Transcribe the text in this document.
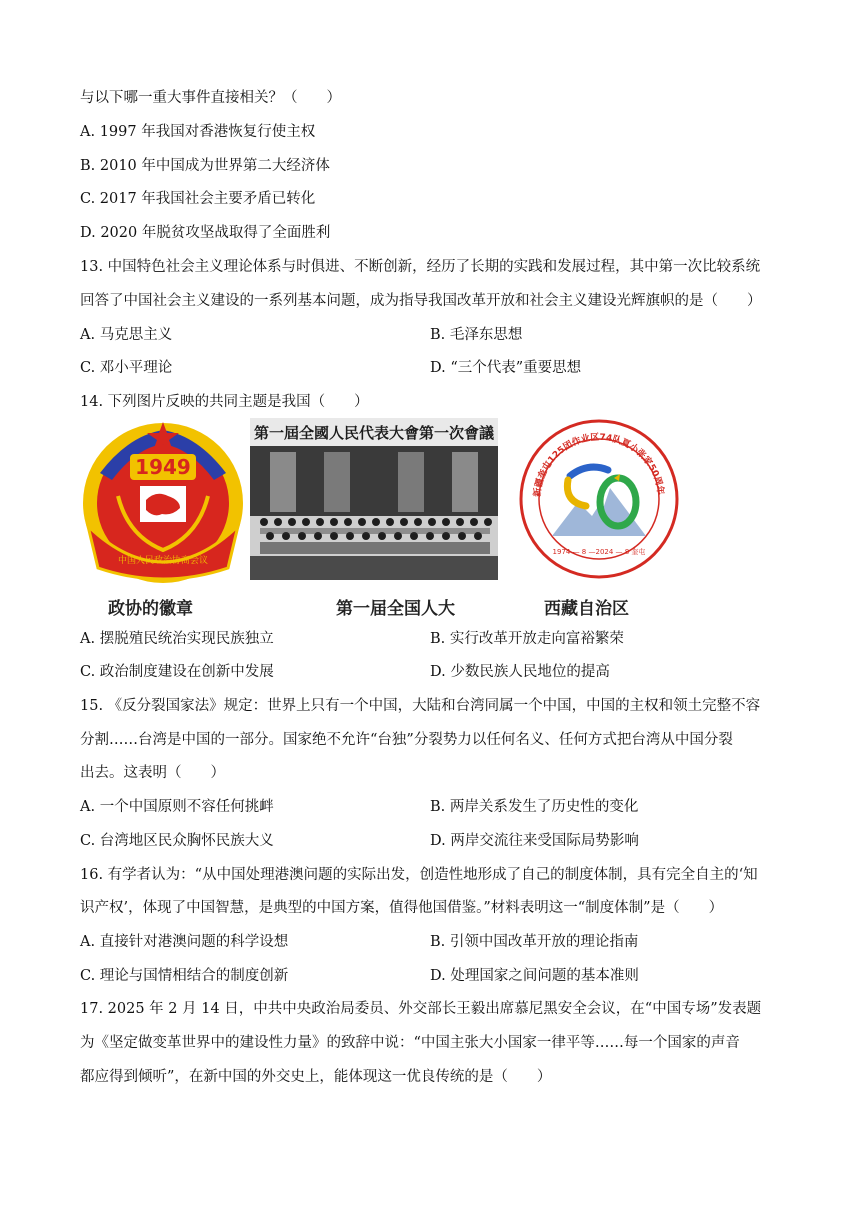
与以下哪一重大事件直接相关？（　　）
A. 1997 年我国对香港恢复行使主权
B. 2010 年中国成为世界第二大经济体
C. 2017 年我国社会主要矛盾已转化
D. 2020 年脱贫攻坚战取得了全面胜利
13. 中国特色社会主义理论体系与时俱进、不断创新，经历了长期的实践和发展过程，其中第一次比较系统
回答了中国社会主义建设的一系列基本问题，成为指导我国改革开放和社会主义建设光辉旗帜的是（　　）
A. 马克思主义	B. 毛泽东思想
C. 邓小平理论	D. “三个代表”重要思想
14. 下列图片反映的共同主题是我国（　　）
1949
中国人民政治协商会议
第一屆全國人民代表大會第一次會議
新疆奎屯125团作业区74队夏小张家50周年
1974 — 8 —2024 — 8 奎屯
政协的徽章	第一届全国人大	西藏自治区
A. 摆脱殖民统治实现民族独立	B. 实行改革开放走向富裕繁荣
C. 政治制度建设在创新中发展	D. 少数民族人民地位的提高
15. 《反分裂国家法》规定：世界上只有一个中国，大陆和台湾同属一个中国，中国的主权和领土完整不容
分割……台湾是中国的一部分。国家绝不允许“台独”分裂势力以任何名义、任何方式把台湾从中国分裂
出去。这表明（　　）
A. 一个中国原则不容任何挑衅	B. 两岸关系发生了历史性的变化
C. 台湾地区民众胸怀民族大义	D. 两岸交流往来受国际局势影响
16. 有学者认为：“从中国处理港澳问题的实际出发，创造性地形成了自己的制度体制，具有完全自主的‘知
识产权’，体现了中国智慧，是典型的中国方案，值得他国借鉴。”材料表明这一“制度体制”是（　　）
A. 直接针对港澳问题的科学设想	B. 引领中国改革开放的理论指南
C. 理论与国情相结合的制度创新	D. 处理国家之间问题的基本准则
17. 2025 年 2 月 14 日，中共中央政治局委员、外交部长王毅出席慕尼黑安全会议，在“中国专场”发表题
为《坚定做变革世界中的建设性力量》的致辞中说：“中国主张大小国家一律平等……每一个国家的声音
都应得到倾听”，在新中国的外交史上，能体现这一优良传统的是（　　）
